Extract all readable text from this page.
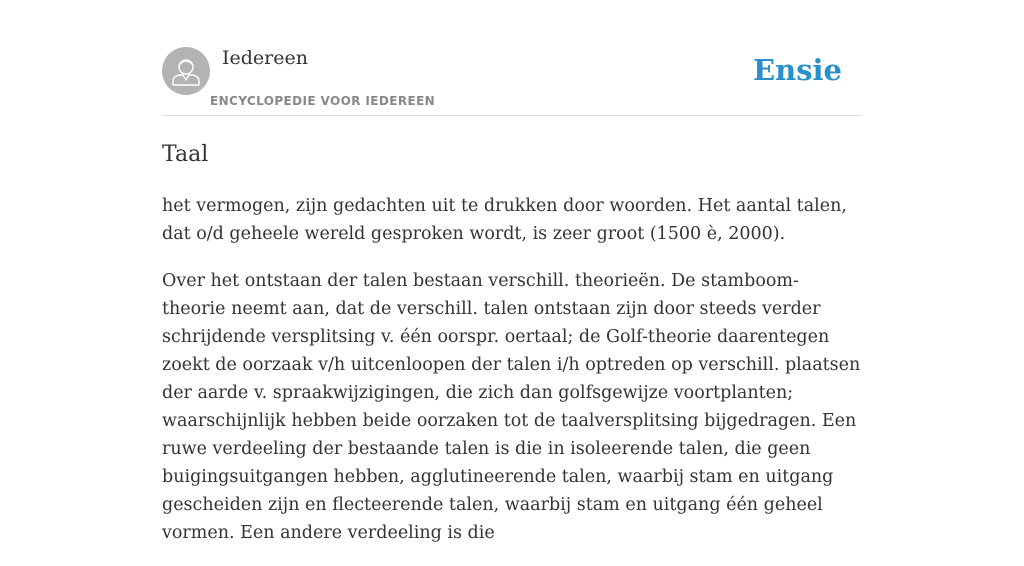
Iedereen
ENCYCLOPEDIE VOOR IEDEREEN
Ensie
Taal

het vermogen, zijn gedachten uit te drukken door woorden. Het aantal talen, dat o/d geheele wereld gesproken wordt, is zeer groot (1500 è, 2000).

Over het ontstaan der talen bestaan verschill. theorieën. De stamboom-theorie neemt aan, dat de verschill. talen ontstaan zijn door steeds verder schrijdende versplitsing v. één oorspr. oertaal; de Golf-theorie daarentegen zoekt de oorzaak v/h uitcenloopen der talen i/h optreden op verschill. plaatsen der aarde v. spraakwijzigingen, die zich dan golfsgewijze voortplanten; waarschijnlijk hebben beide oorzaken tot de taalversplitsing bijgedragen. Een ruwe verdeeling der bestaande talen is die in isoleerende talen, die geen buigingsuitgangen hebben, agglutineerende talen, waarbij stam en uitgang gescheiden zijn en flecteerende talen, waarbij stam en uitgang één geheel vormen. Een andere verdeeling is die
